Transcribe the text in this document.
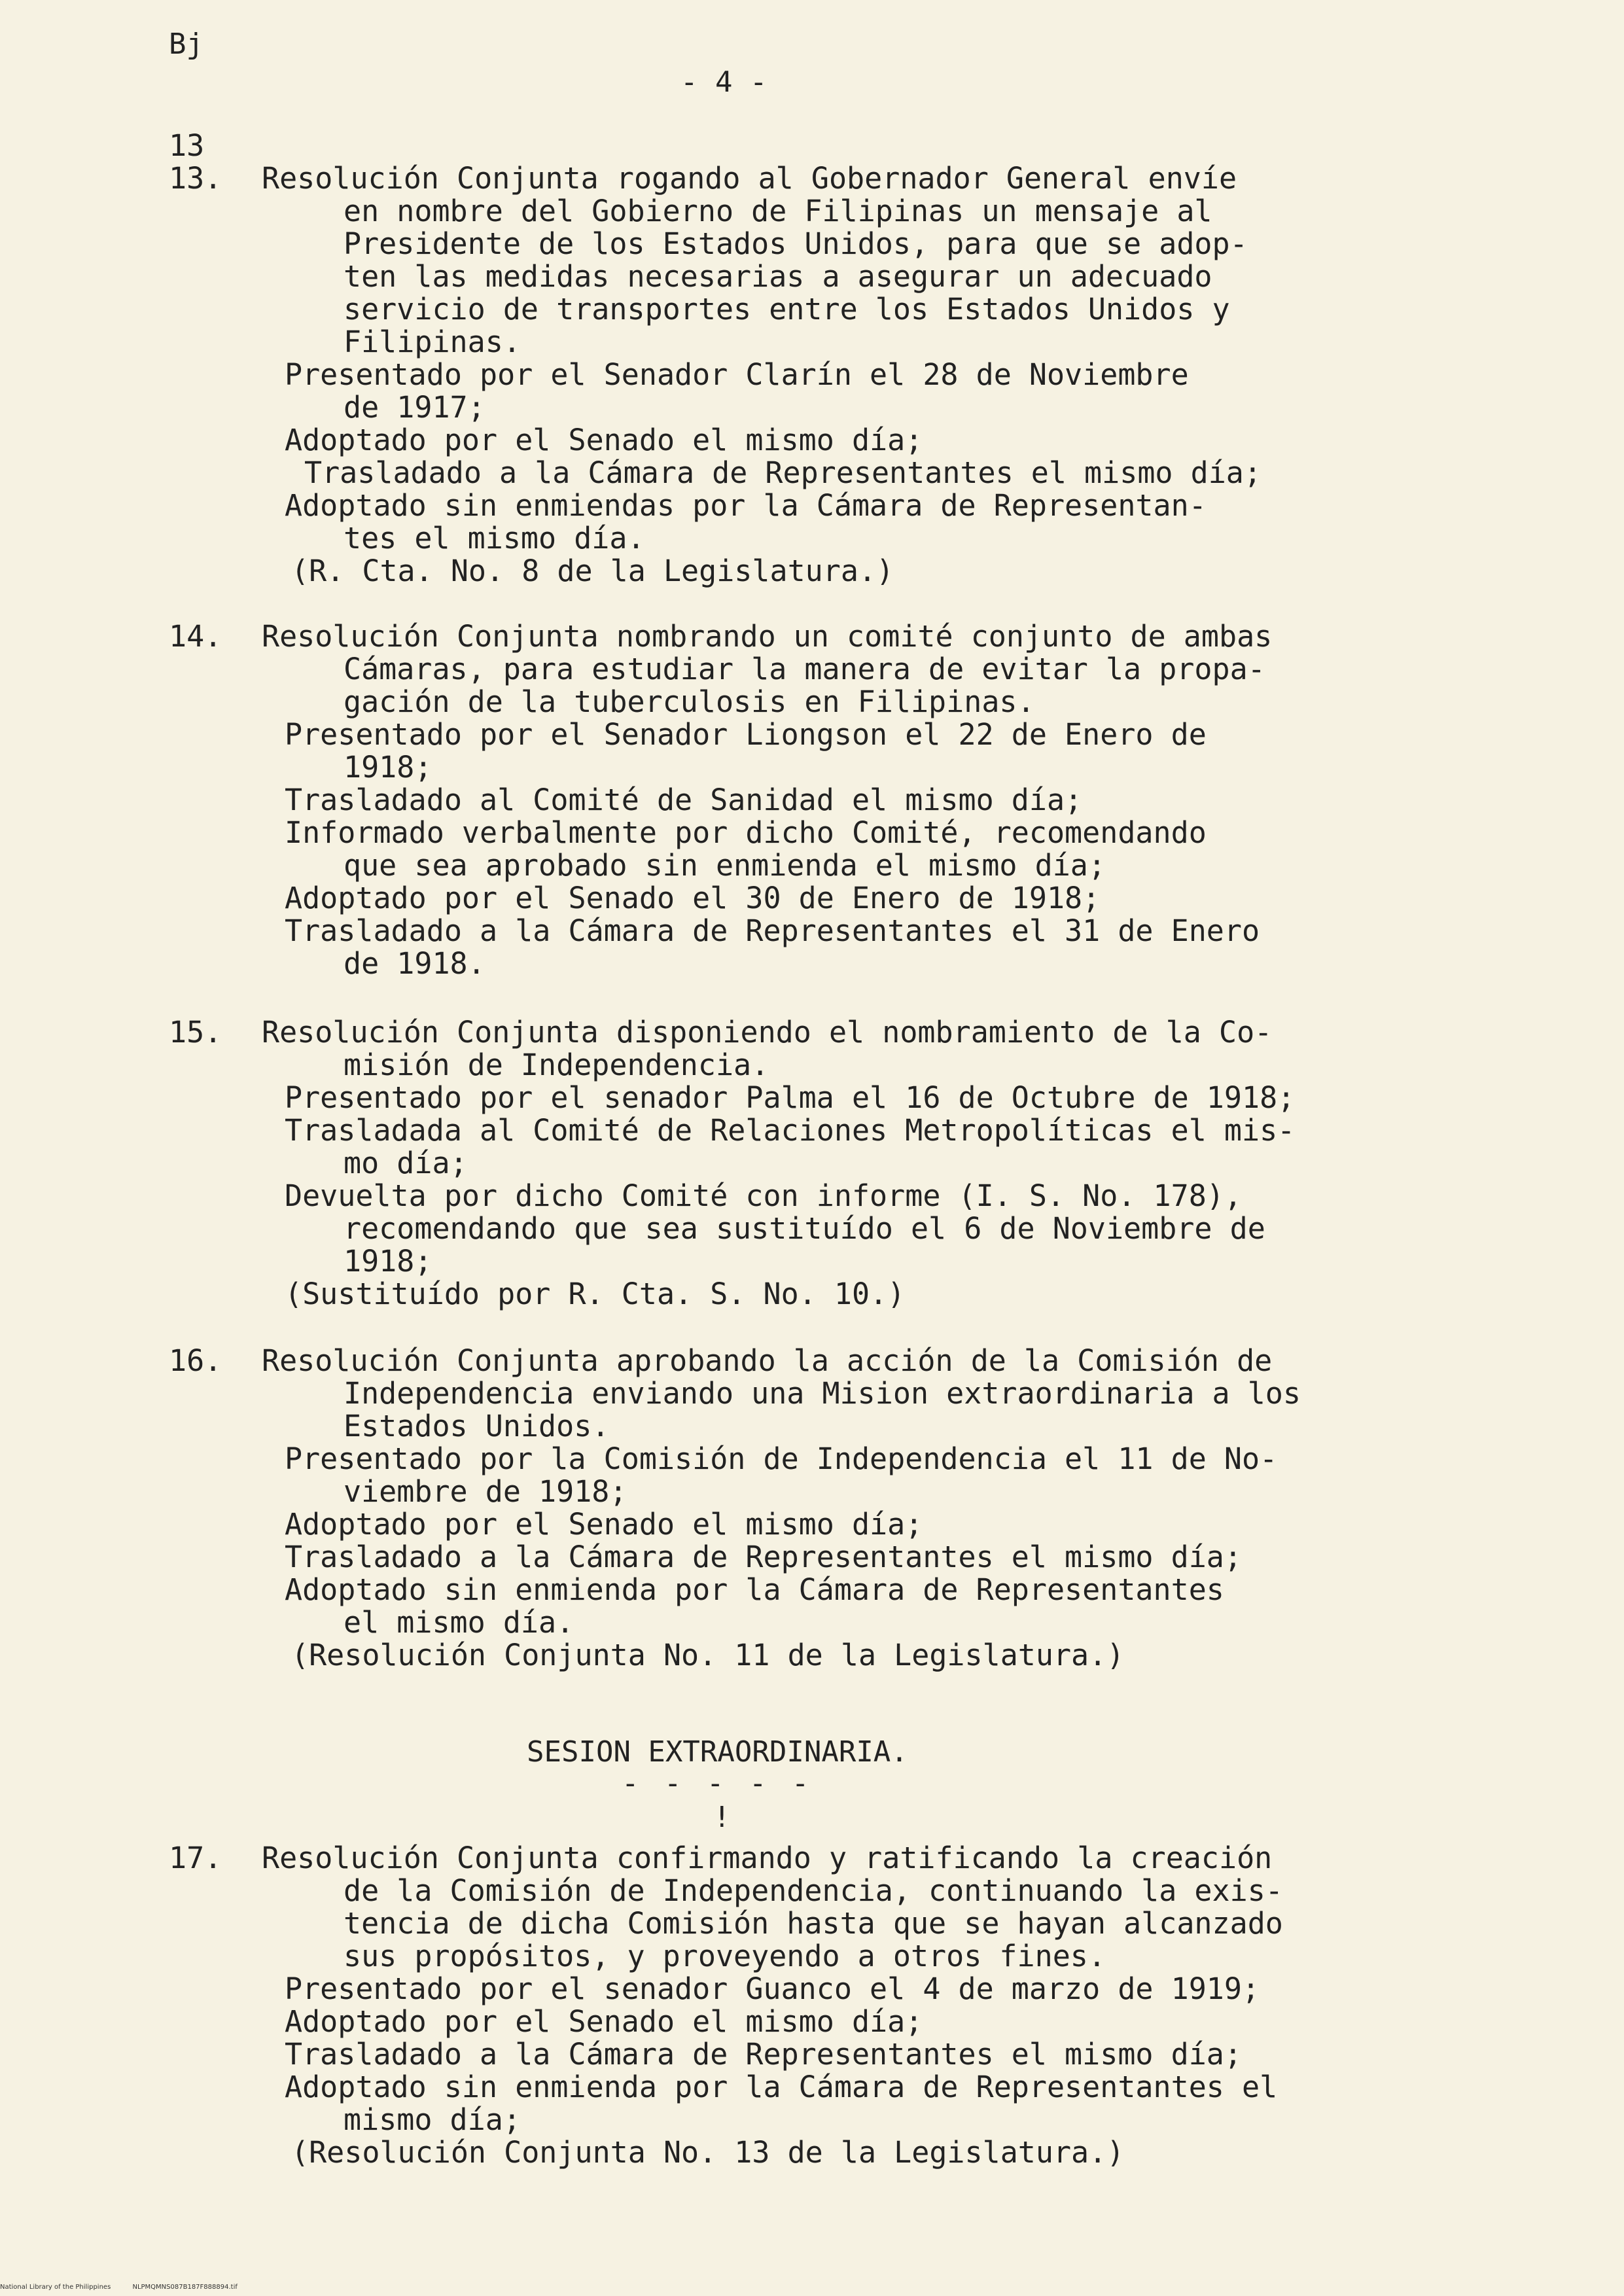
Bj
- 4 -
13
13. Resolución Conjunta rogando al Gobernador General envíe
en nombre del Gobierno de Filipinas un mensaje al
Presidente de los Estados Unidos, para que se adop-
ten las medidas necesarias a asegurar un adecuado
servicio de transportes entre los Estados Unidos y
Filipinas.
Presentado por el Senador Clarín el 28 de Noviembre
de 1917;
Adoptado por el Senado el mismo día;
Trasladado a la Cámara de Representantes el mismo día;
Adoptado sin enmiendas por la Cámara de Representan-
tes el mismo día.
(R. Cta. No. 8 de la Legislatura.)
14. Resolución Conjunta nombrando un comité conjunto de ambas
Cámaras, para estudiar la manera de evitar la propa-
gación de la tuberculosis en Filipinas.
Presentado por el Senador Liongson el 22 de Enero de
1918;
Trasladado al Comité de Sanidad el mismo día;
Informado verbalmente por dicho Comité, recomendando
que sea aprobado sin enmienda el mismo día;
Adoptado por el Senado el 30 de Enero de 1918;
Trasladado a la Cámara de Representantes el 31 de Enero
de 1918.
15. Resolución Conjunta disponiendo el nombramiento de la Co-
misión de Independencia.
Presentado por el senador Palma el 16 de Octubre de 1918;
Trasladada al Comité de Relaciones Metropolíticas el mis-
mo día;
Devuelta por dicho Comité con informe (I. S. No. 178),
recomendando que sea sustituído el 6 de Noviembre de
1918;
(Sustituído por R. Cta. S. No. 10.)
16. Resolución Conjunta aprobando la acción de la Comisión de
Independencia enviando una Mision extraordinaria a los
Estados Unidos.
Presentado por la Comisión de Independencia el 11 de No-
viembre de 1918;
Adoptado por el Senado el mismo día;
Trasladado a la Cámara de Representantes el mismo día;
Adoptado sin enmienda por la Cámara de Representantes
el mismo día.
(Resolución Conjunta No. 11 de la Legislatura.)
17. Resolución Conjunta confirmando y ratificando la creación
de la Comisión de Independencia, continuando la exis-
tencia de dicha Comisión hasta que se hayan alcanzado
sus propósitos, y proveyendo a otros fines.
Presentado por el senador Guanco el 4 de marzo de 1919;
Adoptado por el Senado el mismo día;
Trasladado a la Cámara de Representantes el mismo día;
Adoptado sin enmienda por la Cámara de Representantes el
mismo día;
(Resolución Conjunta No. 13 de la Legislatura.)
SESION EXTRAORDINARIA.
- - - - -
!
National Library of the Philippines	NLPMQMNS087B187F888894.tif
